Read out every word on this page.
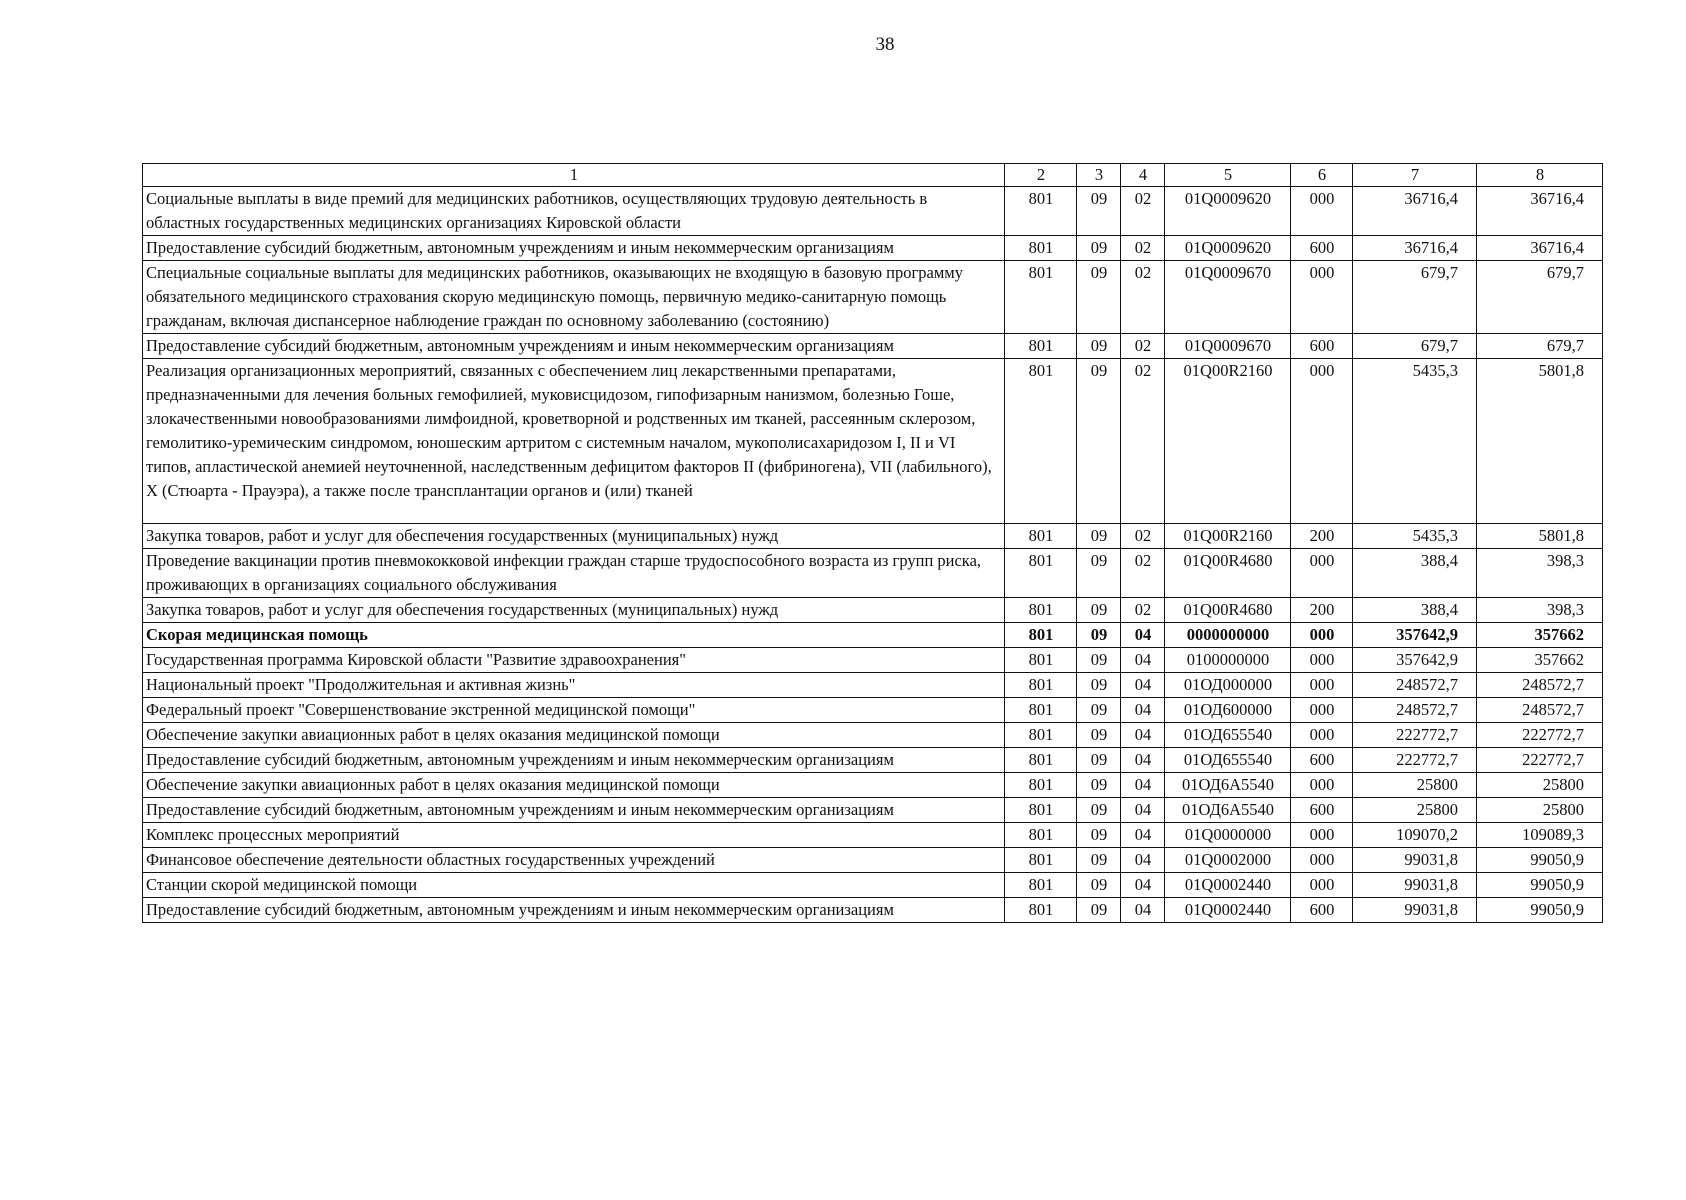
38
1	2	3	4	5	6	7	8
Социальные выплаты в виде премий для медицинских работников, осуществляющих трудовую деятельность в областных государственных медицинских организациях Кировской области	801	09	02	01Q0009620	000	36716,4	36716,4
Предоставление субсидий бюджетным, автономным учреждениям и иным некоммерческим организациям	801	09	02	01Q0009620	600	36716,4	36716,4
Специальные социальные выплаты для медицинских работников, оказывающих не входящую в базовую программу обязательного медицинского страхования скорую медицинскую помощь, первичную медико-санитарную помощь гражданам, включая диспансерное наблюдение граждан по основному заболеванию (состоянию)	801	09	02	01Q0009670	000	679,7	679,7
Предоставление субсидий бюджетным, автономным учреждениям и иным некоммерческим организациям	801	09	02	01Q0009670	600	679,7	679,7
Реализация организационных мероприятий, связанных с обеспечением лиц лекарственными препаратами, предназначенными для лечения больных гемофилией, муковисцидозом, гипофизарным нанизмом, болезнью Гоше, злокачественными новообразованиями лимфоидной, кроветворной и родственных им тканей, рассеянным склерозом, гемолитико-уремическим синдромом, юношеским артритом с системным началом, мукополисахаридозом I, II и VI типов, апластической анемией неуточненной, наследственным дефицитом факторов II (фибриногена), VII (лабильного), X (Стюарта - Прауэра), а также после трансплантации органов и (или) тканей	801	09	02	01Q00R2160	000	5435,3	5801,8
Закупка товаров, работ и услуг для обеспечения государственных (муниципальных) нужд	801	09	02	01Q00R2160	200	5435,3	5801,8
Проведение вакцинации против пневмококковой инфекции граждан старше трудоспособного возраста из групп риска, проживающих в организациях социального обслуживания	801	09	02	01Q00R4680	000	388,4	398,3
Закупка товаров, работ и услуг для обеспечения государственных (муниципальных) нужд	801	09	02	01Q00R4680	200	388,4	398,3
Скорая медицинская помощь	801	09	04	0000000000	000	357642,9	357662
Государственная программа Кировской области "Развитие здравоохранения"	801	09	04	0100000000	000	357642,9	357662
Национальный проект "Продолжительная и активная жизнь"	801	09	04	01ОД000000	000	248572,7	248572,7
Федеральный проект "Совершенствование экстренной медицинской помощи"	801	09	04	01ОД600000	000	248572,7	248572,7
Обеспечение закупки авиационных работ в целях оказания медицинской помощи	801	09	04	01ОД655540	000	222772,7	222772,7
Предоставление субсидий бюджетным, автономным учреждениям и иным некоммерческим организациям	801	09	04	01ОД655540	600	222772,7	222772,7
Обеспечение закупки авиационных работ в целях оказания медицинской помощи	801	09	04	01ОД6А5540	000	25800	25800
Предоставление субсидий бюджетным, автономным учреждениям и иным некоммерческим организациям	801	09	04	01ОД6А5540	600	25800	25800
Комплекс процессных мероприятий	801	09	04	01Q0000000	000	109070,2	109089,3
Финансовое обеспечение деятельности областных государственных учреждений	801	09	04	01Q0002000	000	99031,8	99050,9
Станции скорой медицинской помощи	801	09	04	01Q0002440	000	99031,8	99050,9
Предоставление субсидий бюджетным, автономным учреждениям и иным некоммерческим организациям	801	09	04	01Q0002440	600	99031,8	99050,9
